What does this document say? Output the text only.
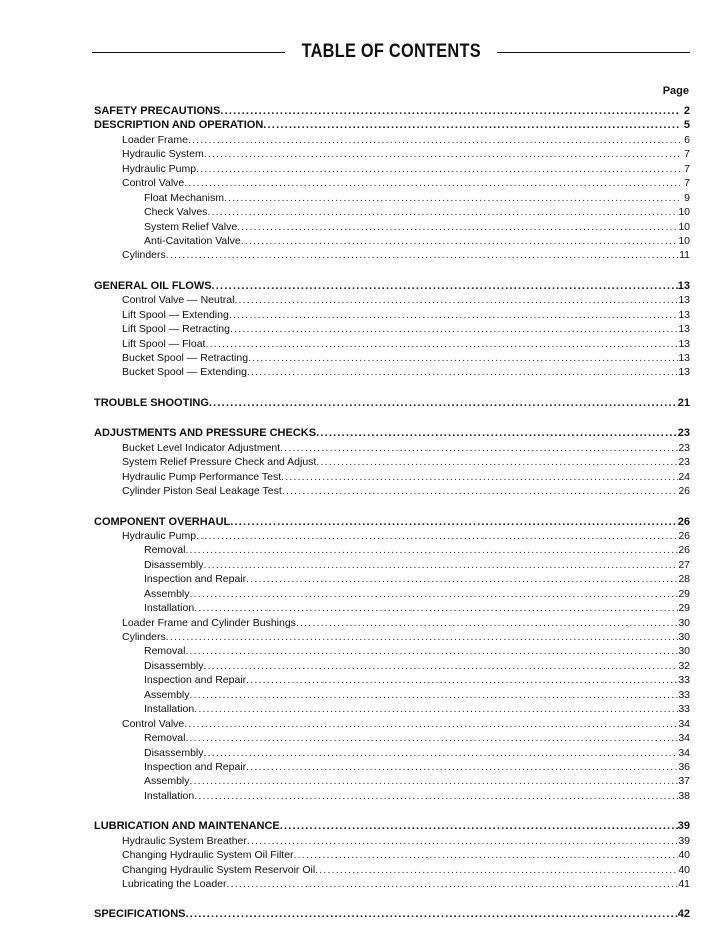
TABLE OF CONTENTS
Page
SAFETY PRECAUTIONS .....	2
DESCRIPTION AND OPERATION .....	5
Loader Frame .....	6
Hydraulic System .....	7
Hydraulic Pump .....	7
Control Valve .....	7
Float Mechanism .....	9
Check Valves .....	10
System Relief Valve .....	10
Anti-Cavitation Valve .....	10
Cylinders .....	11
GENERAL OIL FLOWS .....	13
Control Valve — Neutral .....	13
Lift Spool — Extending .....	13
Lift Spool — Retracting .....	13
Lift Spool — Float .....	13
Bucket Spool — Retracting .....	13
Bucket Spool — Extending .....	13
TROUBLE SHOOTING .....	21
ADJUSTMENTS AND PRESSURE CHECKS .....	23
Bucket Level Indicator Adjustment .....	23
System Relief Pressure Check and Adjust .....	23
Hydraulic Pump Performance Test .....	24
Cylinder Piston Seal Leakage Test .....	26
COMPONENT OVERHAUL .....	26
Hydraulic Pump .....	26
Removal .....	26
Disassembly .....	27
Inspection and Repair .....	28
Assembly .....	29
Installation .....	29
Loader Frame and Cylinder Bushings .....	30
Cylinders .....	30
Removal .....	30
Disassembly .....	32
Inspection and Repair .....	33
Assembly .....	33
Installation .....	33
Control Valve .....	34
Removal .....	34
Disassembly .....	34
Inspection and Repair .....	36
Assembly .....	37
Installation .....	38
LUBRICATION AND MAINTENANCE .....	39
Hydraulic System Breather .....	39
Changing Hydraulic System Oil Filter .....	40
Changing Hydraulic System Reservoir Oil .....	40
Lubricating the Loader .....	41
SPECIFICATIONS .....	42
